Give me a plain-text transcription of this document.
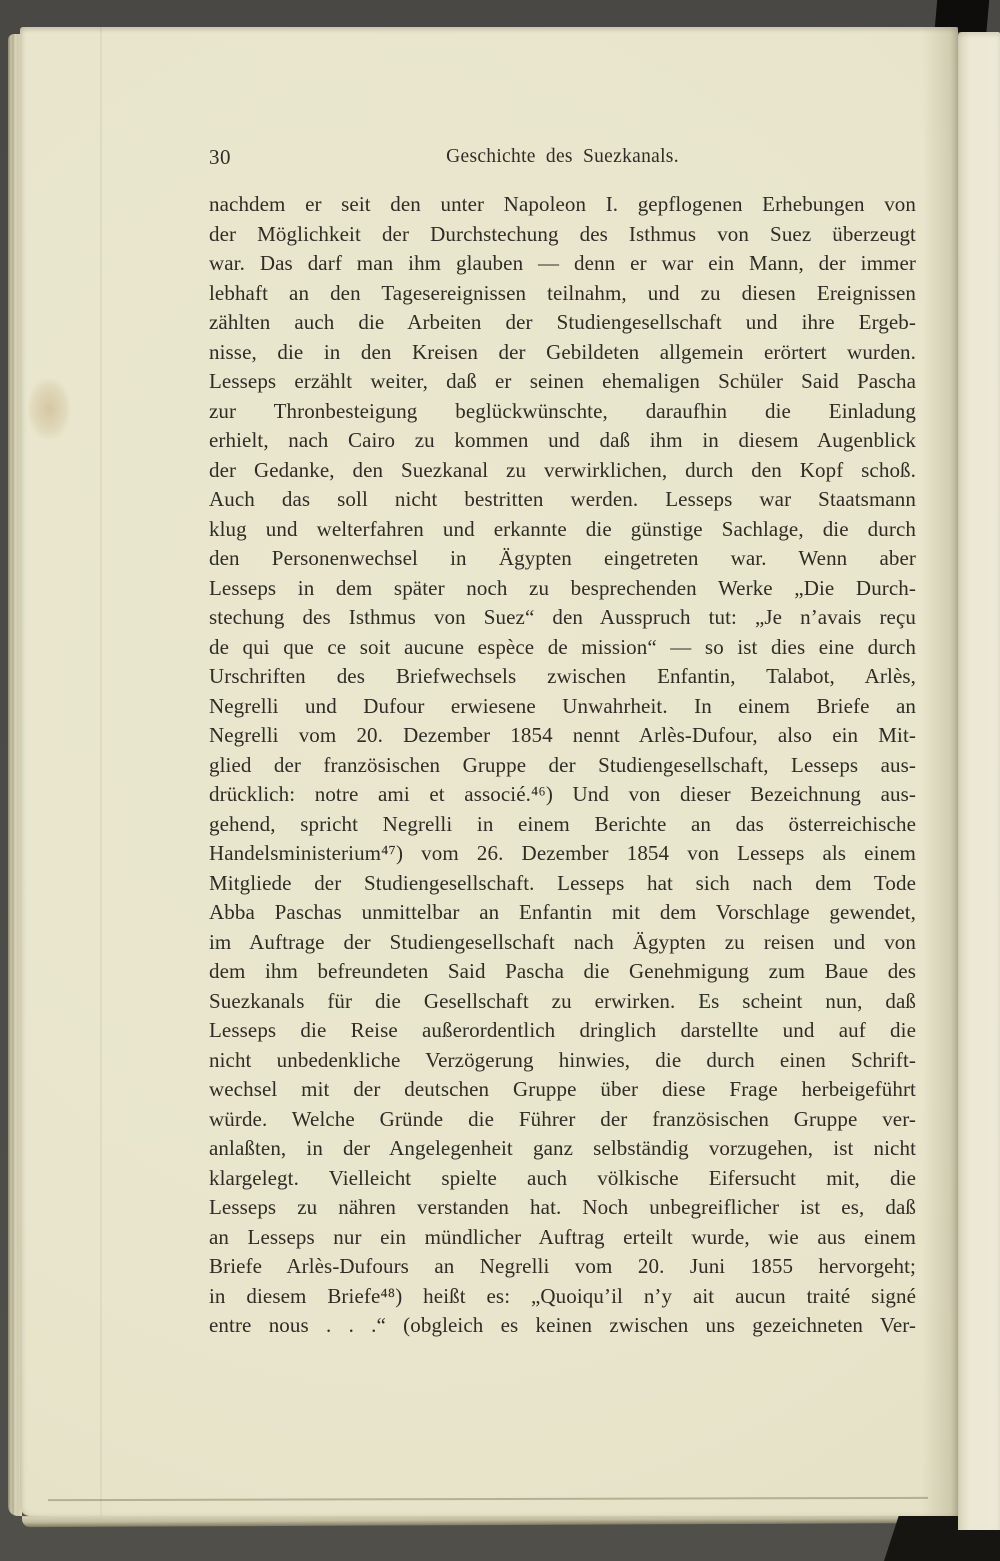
30	Geschichte des Suezkanals.
nachdem er seit den unter Napoleon I. gepflogenen Erhebungen von
der Möglichkeit der Durchstechung des Isthmus von Suez überzeugt
war. Das darf man ihm glauben — denn er war ein Mann, der immer
lebhaft an den Tagesereignissen teilnahm, und zu diesen Ereignissen
zählten auch die Arbeiten der Studiengesellschaft und ihre Ergeb-
nisse, die in den Kreisen der Gebildeten allgemein erörtert wurden.
Lesseps erzählt weiter, daß er seinen ehemaligen Schüler Said Pascha
zur Thronbesteigung beglückwünschte, daraufhin die Einladung
erhielt, nach Cairo zu kommen und daß ihm in diesem Augenblick
der Gedanke, den Suezkanal zu verwirklichen, durch den Kopf schoß.
Auch das soll nicht bestritten werden. Lesseps war Staatsmann
klug und welterfahren und erkannte die günstige Sachlage, die durch
den Personenwechsel in Ägypten eingetreten war. Wenn aber
Lesseps in dem später noch zu besprechenden Werke „Die Durch-
stechung des Isthmus von Suez“ den Ausspruch tut: „Je n’avais reçu
de qui que ce soit aucune espèce de mission“ — so ist dies eine durch
Urschriften des Briefwechsels zwischen Enfantin, Talabot, Arlès,
Negrelli und Dufour erwiesene Unwahrheit. In einem Briefe an
Negrelli vom 20. Dezember 1854 nennt Arlès-Dufour, also ein Mit-
glied der französischen Gruppe der Studiengesellschaft, Lesseps aus-
drücklich: notre ami et associé.⁴⁶) Und von dieser Bezeichnung aus-
gehend, spricht Negrelli in einem Berichte an das österreichische
Handelsministerium⁴⁷) vom 26. Dezember 1854 von Lesseps als einem
Mitgliede der Studiengesellschaft. Lesseps hat sich nach dem Tode
Abba Paschas unmittelbar an Enfantin mit dem Vorschlage gewendet,
im Auftrage der Studiengesellschaft nach Ägypten zu reisen und von
dem ihm befreundeten Said Pascha die Genehmigung zum Baue des
Suezkanals für die Gesellschaft zu erwirken. Es scheint nun, daß
Lesseps die Reise außerordentlich dringlich darstellte und auf die
nicht unbedenkliche Verzögerung hinwies, die durch einen Schrift-
wechsel mit der deutschen Gruppe über diese Frage herbeigeführt
würde. Welche Gründe die Führer der französischen Gruppe ver-
anlaßten, in der Angelegenheit ganz selbständig vorzugehen, ist nicht
klargelegt. Vielleicht spielte auch völkische Eifersucht mit, die
Lesseps zu nähren verstanden hat. Noch unbegreiflicher ist es, daß
an Lesseps nur ein mündlicher Auftrag erteilt wurde, wie aus einem
Briefe Arlès-Dufours an Negrelli vom 20. Juni 1855 hervorgeht;
in diesem Briefe⁴⁸) heißt es: „Quoiqu’il n’y ait aucun traité signé
entre nous . . .“ (obgleich es keinen zwischen uns gezeichneten Ver-
